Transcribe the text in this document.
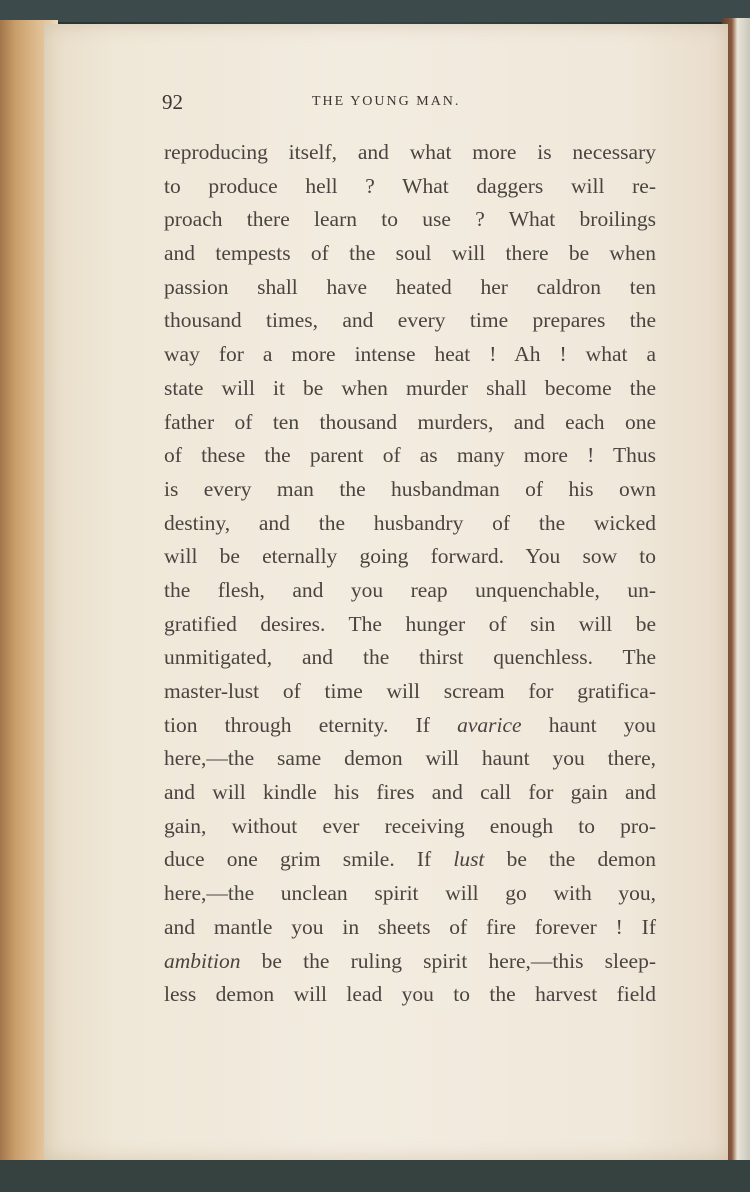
92	THE YOUNG MAN.
reproducing itself, and what more is necessary
to produce hell ? What daggers will re-
proach there learn to use ? What broilings
and tempests of the soul will there be when
passion shall have heated her caldron ten
thousand times, and every time prepares the
way for a more intense heat ! Ah ! what a
state will it be when murder shall become the
father of ten thousand murders, and each one
of these the parent of as many more ! Thus
is every man the husbandman of his own
destiny, and the husbandry of the wicked
will be eternally going forward. You sow to
the flesh, and you reap unquenchable, un-
gratified desires. The hunger of sin will be
unmitigated, and the thirst quenchless. The
master-lust of time will scream for gratifica-
tion through eternity. If avarice haunt you
here,—the same demon will haunt you there,
and will kindle his fires and call for gain and
gain, without ever receiving enough to pro-
duce one grim smile. If lust be the demon
here,—the unclean spirit will go with you,
and mantle you in sheets of fire forever ! If
ambition be the ruling spirit here,—this sleep-
less demon will lead you to the harvest field
